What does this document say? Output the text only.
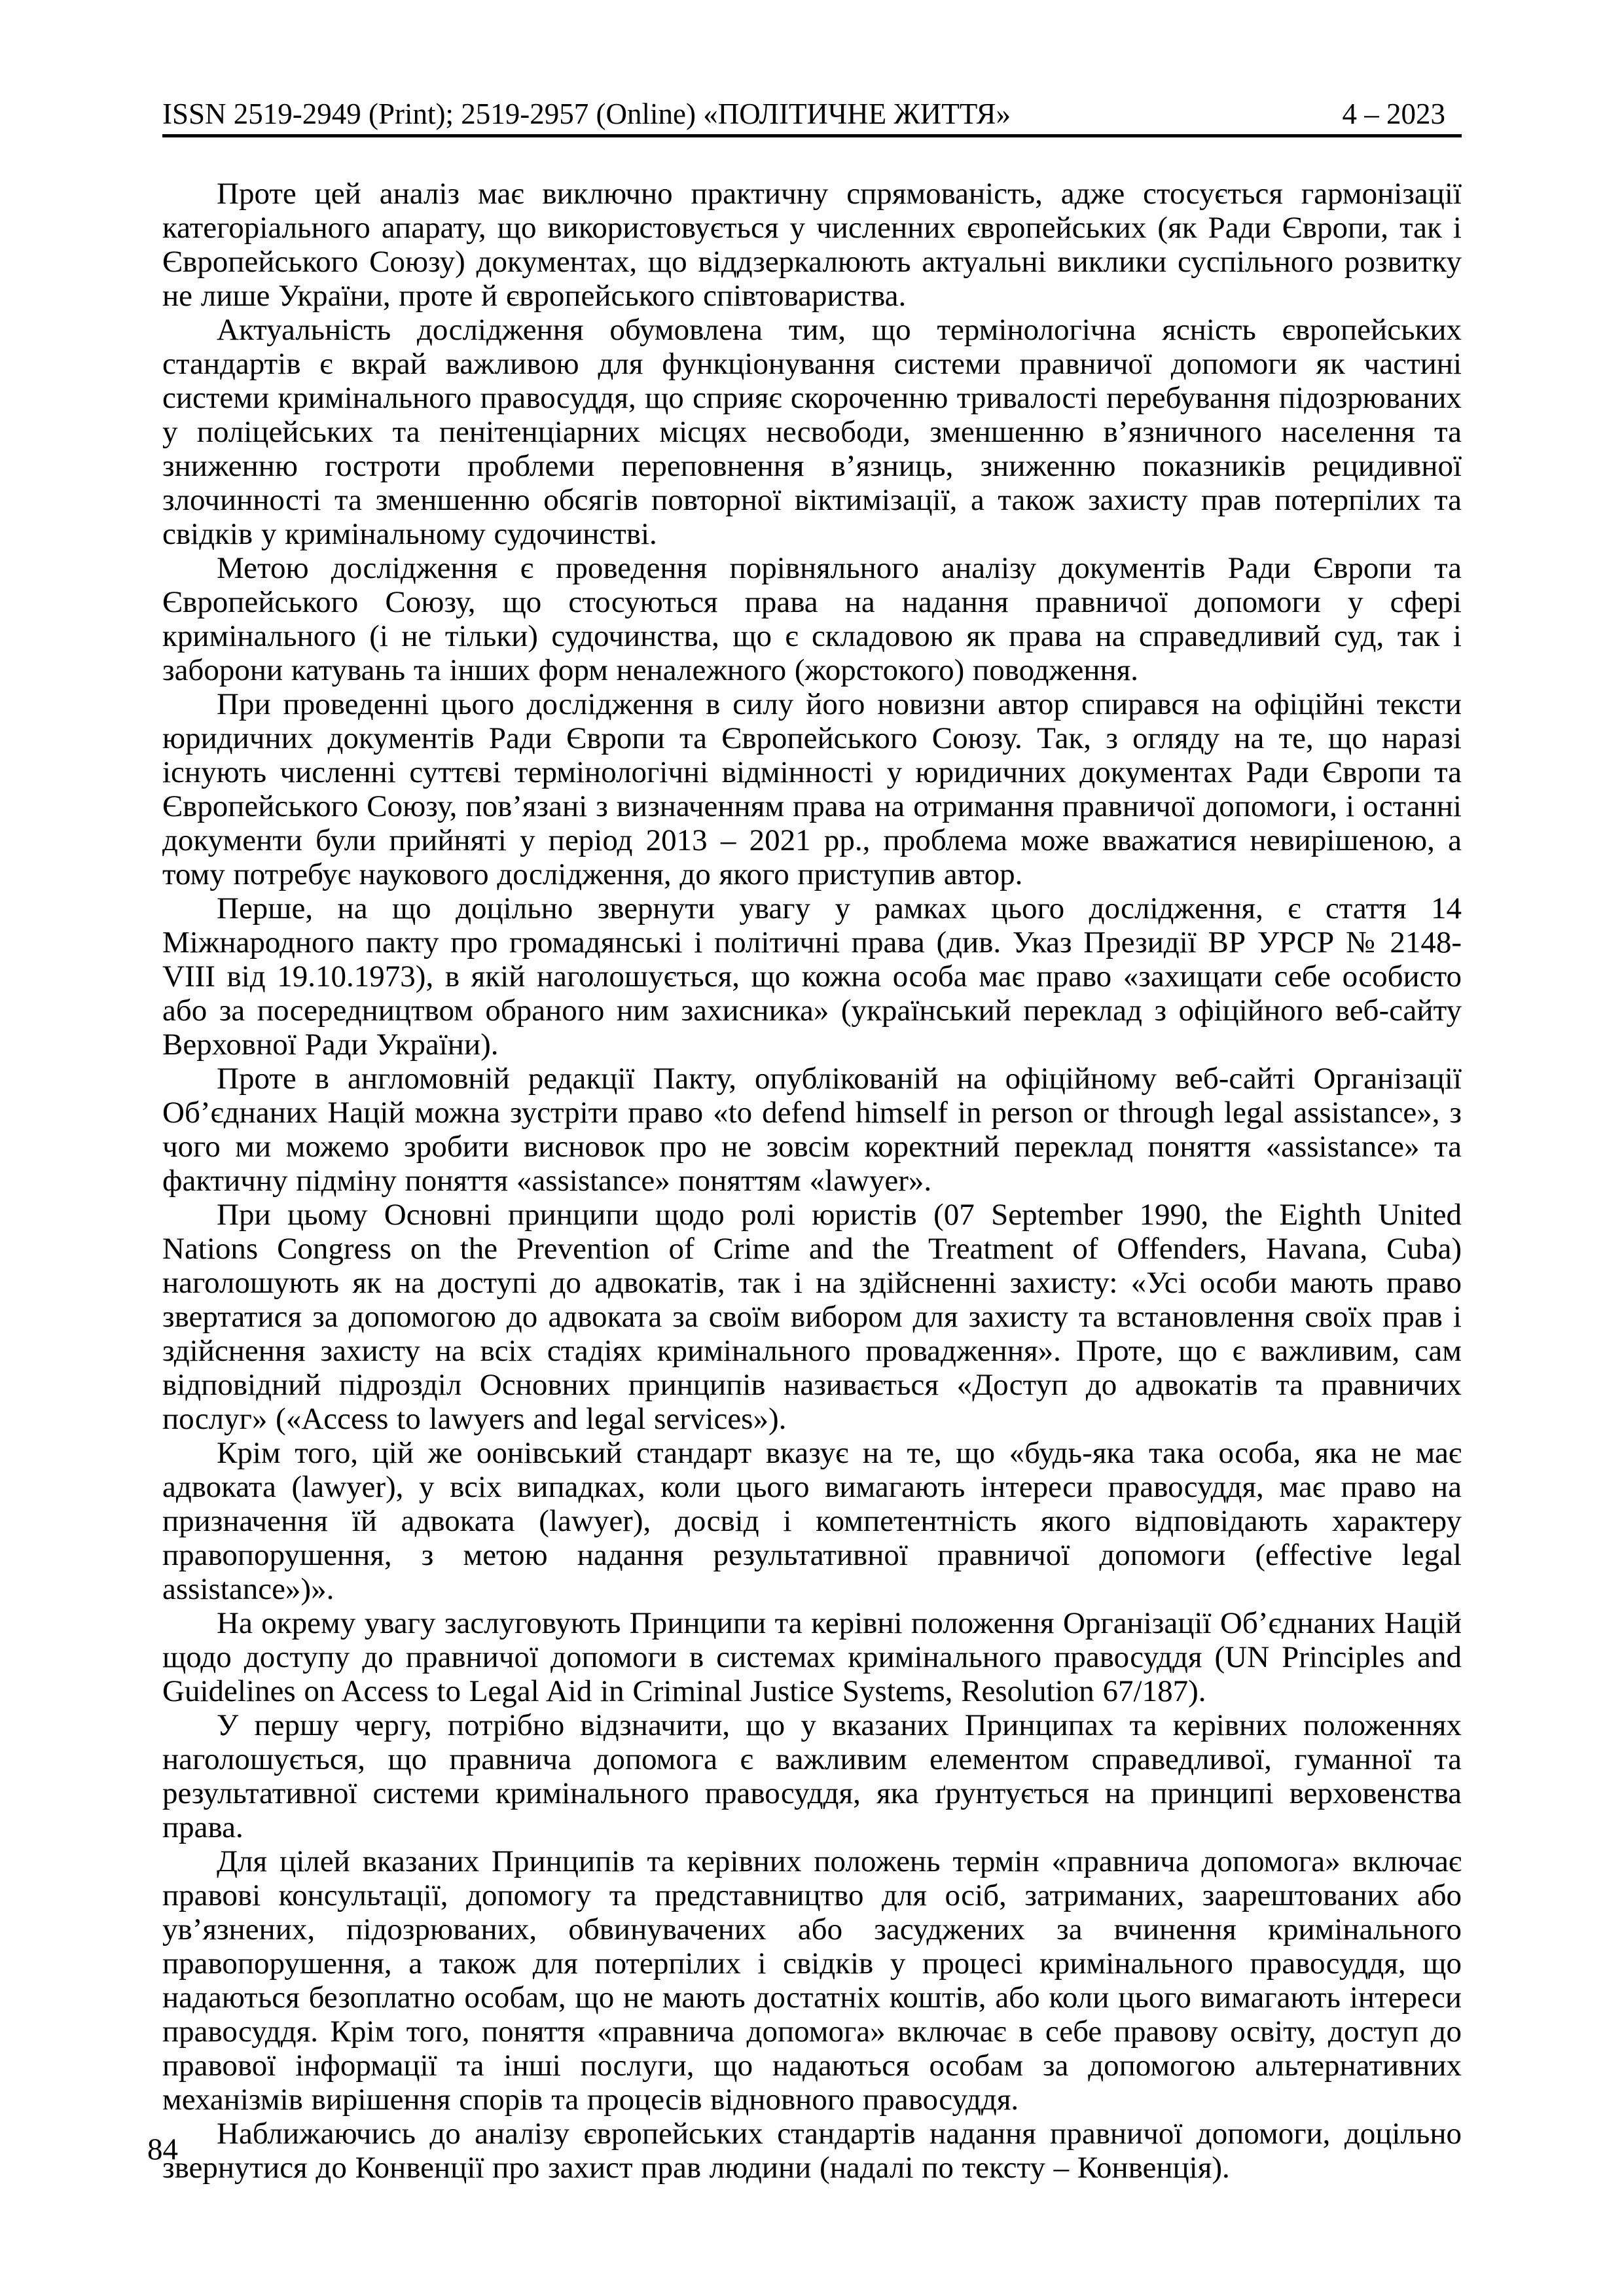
ISSN 2519-2949 (Print); 2519-2957 (Online) «ПОЛІТИЧНЕ ЖИТТЯ»	4 – 2023

Проте цей аналіз має виключно практичну спрямованість, адже стосується гармонізації категоріального апарату, що використовується у численних європейських (як Ради Європи, так і Європейського Союзу) документах, що віддзеркалюють актуальні виклики суспільного розвитку не лише України, проте й європейського співтовариства.

Актуальність дослідження обумовлена тим, що термінологічна ясність європейських стандартів є вкрай важливою для функціонування системи правничої допомоги як частині системи кримінального правосуддя, що сприяє скороченню тривалості перебування підозрюваних у поліцейських та пенітенціарних місцях несвободи, зменшенню в’язничного населення та зниженню гостроти проблеми переповнення в’язниць, зниженню показників рецидивної злочинності та зменшенню обсягів повторної віктимізації, а також захисту прав потерпілих та свідків у кримінальному судочинстві.

Метою дослідження є проведення порівняльного аналізу документів Ради Європи та Європейського Союзу, що стосуються права на надання правничої допомоги у сфері кримінального (і не тільки) судочинства, що є складовою як права на справедливий суд, так і заборони катувань та інших форм неналежного (жорстокого) поводження.

При проведенні цього дослідження в силу його новизни автор спирався на офіційні тексти юридичних документів Ради Європи та Європейського Союзу. Так, з огляду на те, що наразі існують численні суттєві термінологічні відмінності у юридичних документах Ради Європи та Європейського Союзу, пов’язані з визначенням права на отримання правничої допомоги, і останні документи були прийняті у період 2013 – 2021 рр., проблема може вважатися невирішеною, а тому потребує наукового дослідження, до якого приступив автор.

Перше, на що доцільно звернути увагу у рамках цього дослідження, є стаття 14 Міжнародного пакту про громадянські і політичні права (див. Указ Президії ВР УРСР № 2148-VIII від 19.10.1973), в якій наголошується, що кожна особа має право «захищати себе особисто або за посередництвом обраного ним захисника» (український переклад з офіційного веб-сайту Верховної Ради України).

Проте в англомовній редакції Пакту, опублікованій на офіційному веб-сайті Організації Об’єднаних Націй можна зустріти право «to defend himself in person or through legal assistance», з чого ми можемо зробити висновок про не зовсім коректний переклад поняття «assistance» та фактичну підміну поняття «assistance» поняттям «lawyer».

При цьому Основні принципи щодо ролі юристів (07 September 1990, the Eighth United Nations Congress on the Prevention of Crime and the Treatment of Offenders, Havana, Cuba) наголошують як на доступі до адвокатів, так і на здійсненні захисту: «Усі особи мають право звертатися за допомогою до адвоката за своїм вибором для захисту та встановлення своїх прав і здійснення захисту на всіх стадіях кримінального провадження». Проте, що є важливим, сам відповідний підрозділ Основних принципів називається «Доступ до адвокатів та правничих послуг» («Access to lawyers and legal services»).

Крім того, цій же оонівський стандарт вказує на те, що «будь-яка така особа, яка не має адвоката (lawyer), у всіх випадках, коли цього вимагають інтереси правосуддя, має право на призначення їй адвоката (lawyer), досвід і компетентність якого відповідають характеру правопорушення, з метою надання результативної правничої допомоги (effective legal assistance»)».

На окрему увагу заслуговують Принципи та керівні положення Організації Об’єднаних Націй щодо доступу до правничої допомоги в системах кримінального правосуддя (UN Principles and Guidelines on Access to Legal Aid in Criminal Justice Systems, Resolution 67/187).

У першу чергу, потрібно відзначити, що у вказаних Принципах та керівних положеннях наголошується, що правнича допомога є важливим елементом справедливої, гуманної та результативної системи кримінального правосуддя, яка ґрунтується на принципі верховенства права.

Для цілей вказаних Принципів та керівних положень термін «правнича допомога» включає правові консультації, допомогу та представництво для осіб, затриманих, заарештованих або ув’язнених, підозрюваних, обвинувачених або засуджених за вчинення кримінального правопорушення, а також для потерпілих і свідків у процесі кримінального правосуддя, що надаються безоплатно особам, що не мають достатніх коштів, або коли цього вимагають інтереси правосуддя. Крім того, поняття «правнича допомога» включає в себе правову освіту, доступ до правової інформації та інші послуги, що надаються особам за допомогою альтернативних механізмів вирішення спорів та процесів відновного правосуддя.

Наближаючись до аналізу європейських стандартів надання правничої допомоги, доцільно звернутися до Конвенції про захист прав людини (надалі по тексту – Конвенція).

84
